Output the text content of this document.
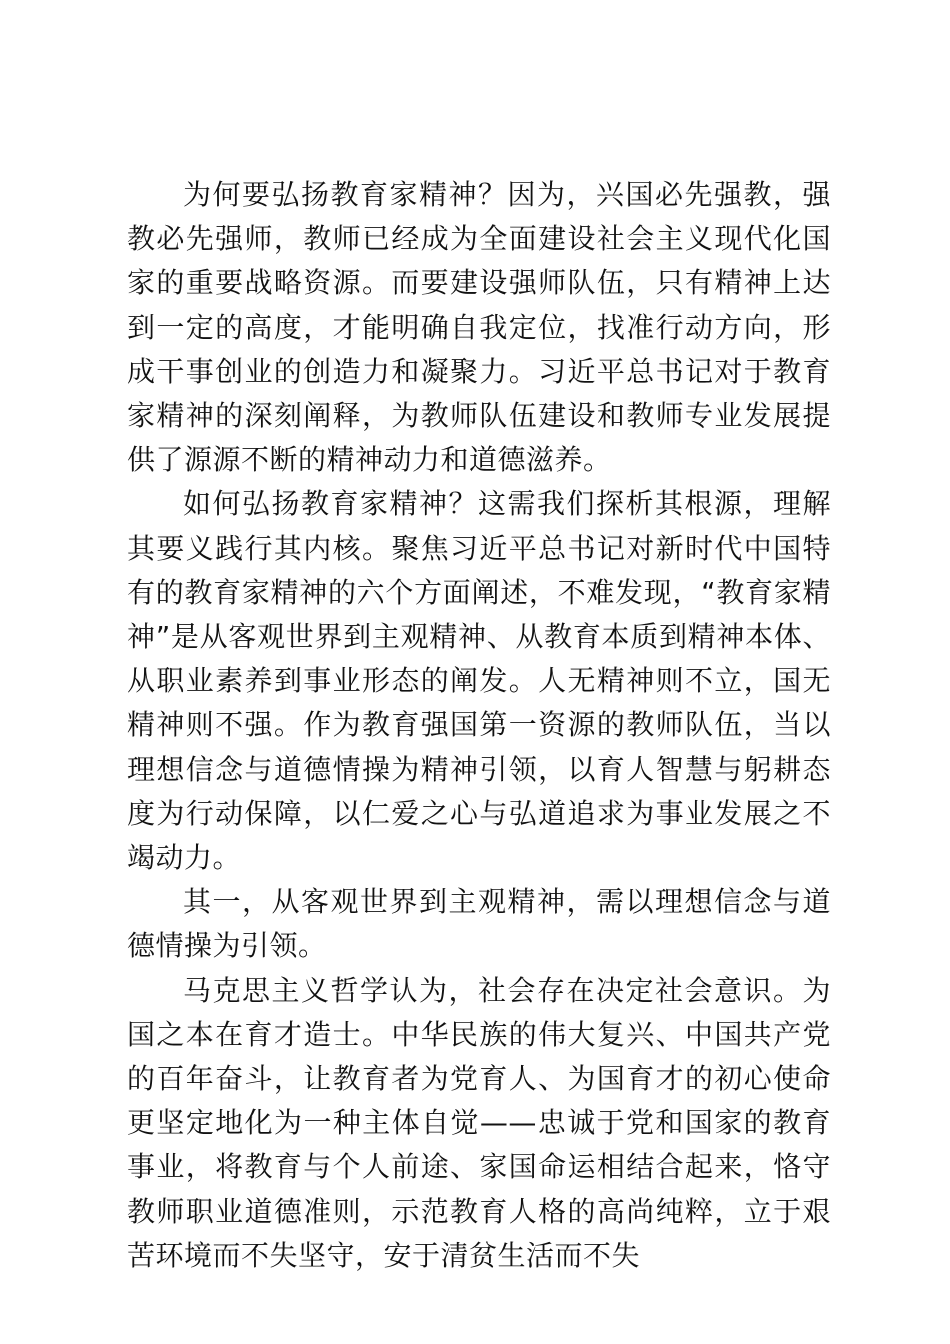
为何要弘扬教育家精神？因为，兴国必先强教，强教必先强师，教师已经成为全面建设社会主义现代化国家的重要战略资源。而要建设强师队伍，只有精神上达到一定的高度，才能明确自我定位，找准行动方向，形成干事创业的创造力和凝聚力。习近平总书记对于教育家精神的深刻阐释，为教师队伍建设和教师专业发展提供了源源不断的精神动力和道德滋养。

如何弘扬教育家精神？这需我们探析其根源，理解其要义践行其内核。聚焦习近平总书记对新时代中国特有的教育家精神的六个方面阐述，不难发现，“教育家精神”是从客观世界到主观精神、从教育本质到精神本体、从职业素养到事业形态的阐发。人无精神则不立，国无精神则不强。作为教育强国第一资源的教师队伍，当以理想信念与道德情操为精神引领，以育人智慧与躬耕态度为行动保障，以仁爱之心与弘道追求为事业发展之不竭动力。

其一，从客观世界到主观精神，需以理想信念与道德情操为引领。

马克思主义哲学认为，社会存在决定社会意识。为国之本在育才造士。中华民族的伟大复兴、中国共产党的百年奋斗，让教育者为党育人、为国育才的初心使命更坚定地化为一种主体自觉——忠诚于党和国家的教育事业，将教育与个人前途、家国命运相结合起来，恪守教师职业道德准则，示范教育人格的高尚纯粹，立于艰苦环境而不失坚守，安于清贫生活而不失
